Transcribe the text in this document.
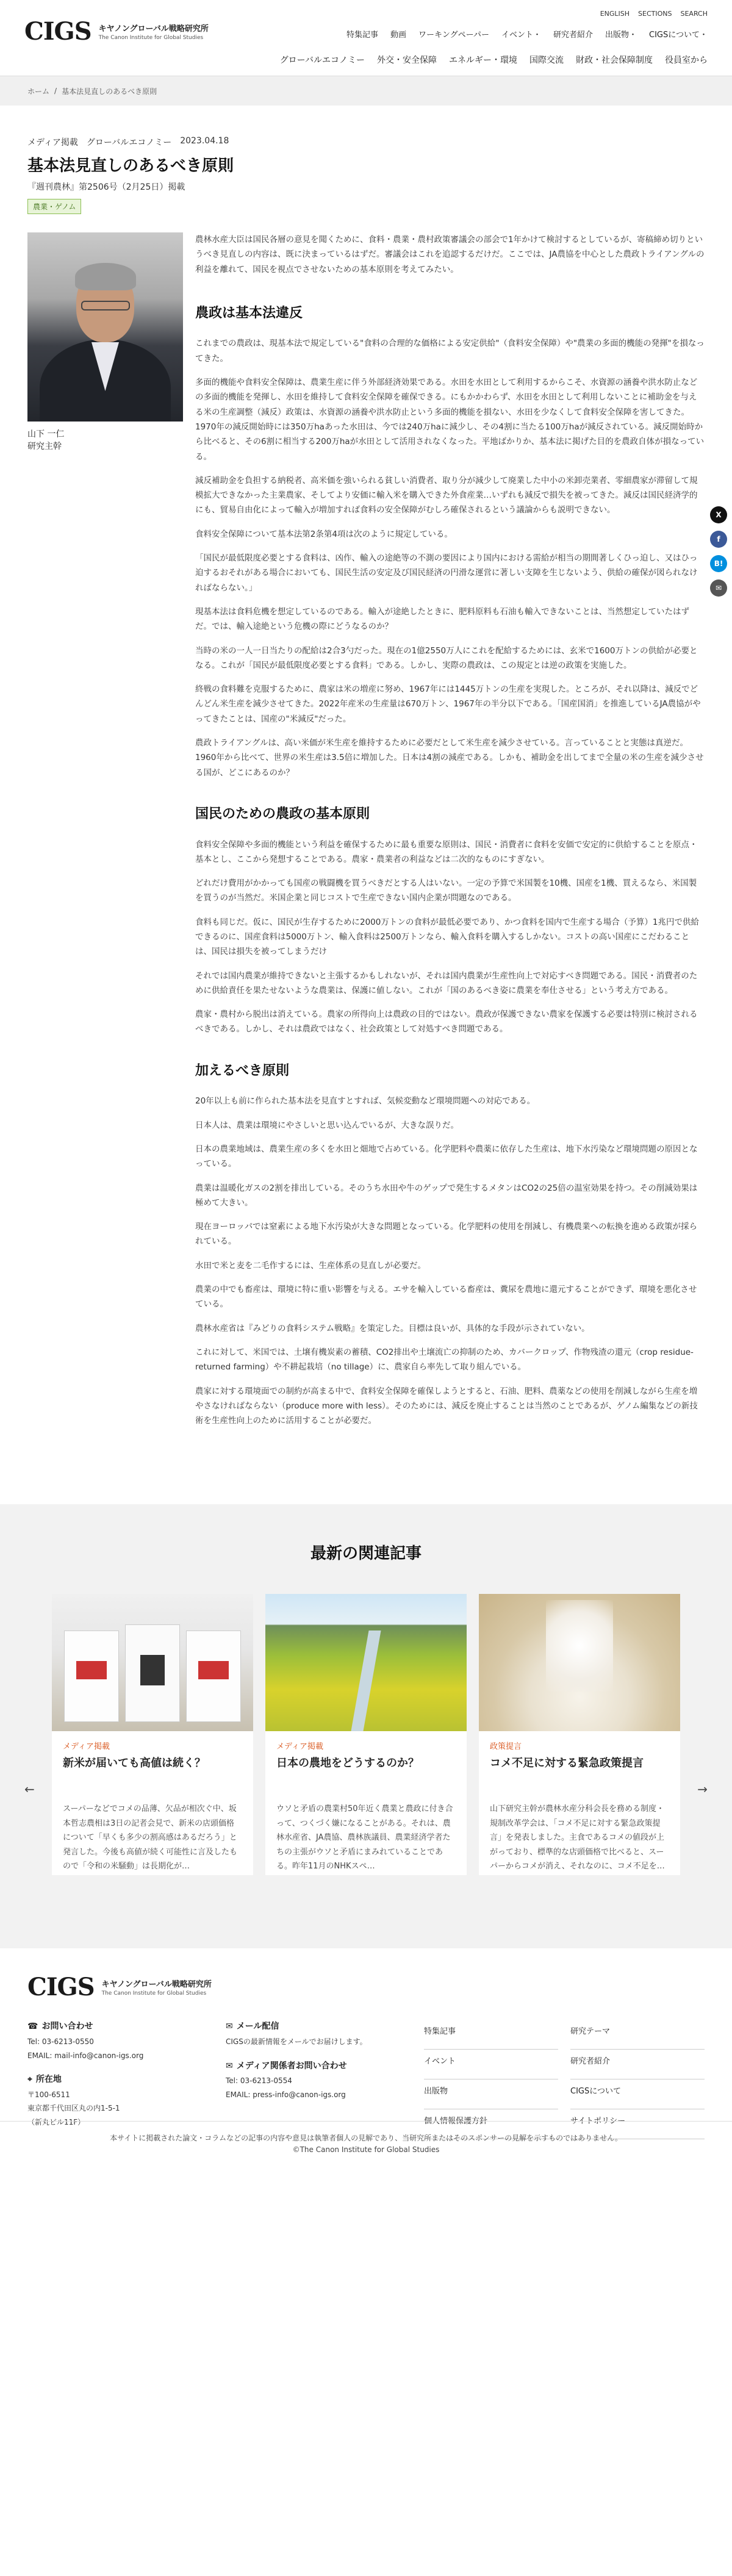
CIGS キヤノングローバル戦略研究所
The Canon Institute for Global Studies
ENGLISH SECTIONS SEARCH
特集記事 動画 ワーキングペーパー イベント・ 研究者紹介 出版物・ CIGSについて・
グローバルエコノミー 外交・安全保障 エネルギー・環境 国際交流 財政・社会保障制度 役員室から
ホーム / 基本法見直しのあるべき原則
メディア掲載 グローバルエコノミー 2023.04.18
基本法見直しのあるべき原則
『週刊農林』第2506号（2月25日）掲載
農業・ゲノム
山下 一仁
研究主幹

農林水産大臣は国民各層の意見を聞くために、食料・農業・農村政策審議会の部会で1年かけて検討するとしているが、寄稿締め切りというべき見直しの内容は、既に決まっているはずだ。審議会はこれを追認するだけだ。ここでは、JA農協を中心とした農政トライアングルの利益を離れて、国民を視点でさせないための基本原則を考えてみたい。

農政は基本法違反

これまでの農政は、現基本法で規定している"食料の合理的な価格による安定供給"（食料安全保障）や"農業の多面的機能の発揮"を損なってきた。

多面的機能や食料安全保障は、農業生産に伴う外部経済効果である。水田を水田として利用するからこそ、水資源の涵養や洪水防止などの多面的機能を発揮し、水田を維持して食料安全保障を確保できる。にもかかわらず、水田を水田として利用しないことに補助金を与える米の生産調整（減反）政策は、水資源の涵養や洪水防止という多面的機能を損ない、水田を少なくして食料安全保障を害してきた。1970年の減反開始時には350万haあった水田は、今では240万haに減少し、その4割に当たる100万haが減反されている。減反開始時から比べると、その6割に相当する200万haが水田として活用されなくなった。平地ばかりか、基本法に掲げた目的を農政自体が損なっている。

減反補助金を負担する納税者、高米価を強いられる貧しい消費者、取り分が減少して廃業した中小の米卸売業者、零細農家が滞留して規模拡大できなかった主業農家、そしてより安価に輸入米を購入できた外食産業…いずれも減反で損失を被ってきた。減反は国民経済学的にも、貿易自由化によって輸入が増加すれば食料の安全保障がむしろ確保されるという議論からも説明できない。

食料安全保障について基本法第2条第4項は次のように規定している。

「国民が最低限度必要とする食料は、凶作、輸入の途絶等の不測の要因により国内における需給が相当の期間著しくひっ迫し、又はひっ迫するおそれがある場合においても、国民生活の安定及び国民経済の円滑な運営に著しい支障を生じないよう、供給の確保が図られなければならない。」

現基本法は食料危機を想定しているのである。輸入が途絶したときに、肥料原料も石油も輸入できないことは、当然想定していたはずだ。では、輸入途絶という危機の際にどうなるのか？

当時の米の一人一日当たりの配給は2合3勺だった。現在の1億2550万人にこれを配給するためには、玄米で1600万トンの供給が必要となる。これが「国民が最低限度必要とする食料」である。しかし、実際の農政は、この規定とは逆の政策を実施した。

終戦の食料難を克服するために、農家は米の増産に努め、1967年には1445万トンの生産を実現した。ところが、それ以降は、減反でどんどん米生産を減少させてきた。2022年産米の生産量は670万トン、1967年の半分以下である。「国産国消」を推進しているJA農協がやってきたことは、国産の"米減反"だった。

農政トライアングルは、高い米価が米生産を維持するために必要だとして米生産を減少させている。言っていることと実態は真逆だ。1960年から比べて、世界の米生産は3.5倍に増加した。日本は4割の減産である。しかも、補助金を出してまで全量の米の生産を減少させる国が、どこにあるのか？

国民のための農政の基本原則

食料安全保障や多面的機能という利益を確保するために最も重要な原則は、国民・消費者に食料を安価で安定的に供給することを原点・基本とし、ここから発想することである。農家・農業者の利益などは二次的なものにすぎない。

どれだけ費用がかかっても国産の戦闘機を買うべきだとする人はいない。一定の予算で米国製を10機、国産を1機、買えるなら、米国製を買うのが当然だ。米国企業と同じコストで生産できない国内企業が問題なのである。

食料も同じだ。仮に、国民が生存するために2000万トンの食料が最低必要であり、かつ食料を国内で生産する場合（予算）1兆円で供給できるのに、国産食料は5000万トン、輸入食料は2500万トンなら、輸入食料を購入するしかない。コストの高い国産にこだわることは、国民は損失を被ってしまうだけ

それでは国内農業が維持できないと主張するかもしれないが、それは国内農業が生産性向上で対応すべき問題である。国民・消費者のために供給責任を果たせないような農業は、保護に値しない。これが「国のあるべき姿に農業を奉仕させる」という考え方である。

農家・農村から脱出は消えている。農家の所得向上は農政の目的ではない。農政が保護できない農家を保護する必要は特別に検討されるべきである。しかし、それは農政ではなく、社会政策として対処すべき問題である。

加えるべき原則

20年以上も前に作られた基本法を見直すとすれば、気候変動など環境問題への対応である。

日本人は、農業は環境にやさしいと思い込んでいるが、大きな誤りだ。

日本の農業地域は、農業生産の多くを水田と畑地で占めている。化学肥料や農薬に依存した生産は、地下水汚染など環境問題の原因となっている。

農業は温暖化ガスの2割を排出している。そのうち水田や牛のゲップで発生するメタンはCO2の25倍の温室効果を持つ。その削減効果は極めて大きい。

現在ヨーロッパでは窒素による地下水汚染が大きな問題となっている。化学肥料の使用を削減し、有機農業への転換を進める政策が採られている。

水田で米と麦を二毛作するには、生産体系の見直しが必要だ。

農業の中でも畜産は、環境に特に重い影響を与える。エサを輸入している畜産は、糞尿を農地に還元することができず、環境を悪化させている。

農林水産省は『みどりの食料システム戦略』を策定した。目標は良いが、具体的な手段が示されていない。

これに対して、米国では、土壌有機炭素の蓄積、CO2排出や土壌流亡の抑制のため、カバークロップ、作物残渣の還元（crop residue-returned farming）や不耕起栽培（no tillage）に、農家自ら率先して取り組んでいる。

農家に対する環境面での制約が高まる中で、食料安全保障を確保しようとすると、石油、肥料、農薬などの使用を削減しながら生産を増やさなければならない（produce more with less）。そのためには、減反を廃止することは当然のことであるが、ゲノム編集などの新技術を生産性向上のために活用することが必要だ。

X
f
B!
✉
最新の関連記事
←	→
メディア掲載
新米が届いても高値は続く？
スーパーなどでコメの品薄、欠品が相次ぐ中、坂本哲志農相は3日の記者会見で、新米の店頭価格について「早くも多少の割高感はあるだろう」と発言した。今後も高値が続く可能性に言及したもので「令和の米騒動」は長期化が…
メディア掲載
日本の農地をどうするのか？
ウソと矛盾の農業村50年近く農業と農政に付き合って、つくづく嫌になることがある。それは、農林水産省、JA農協、農林族議員、農業経済学者たちの主張がウソと矛盾にまみれていることである。昨年11月のNHKスペ…
政策提言
コメ不足に対する緊急政策提言
山下研究主幹が農林水産分科会長を務める制度・規制改革学会は、「コメ不足に対する緊急政策提言」を発表しました。主食であるコメの値段が上がっており、標準的な店頭価格で比べると、スーパーからコメが消え、それなのに、コメ不足を…
CIGS キヤノングローバル戦略研究所
The Canon Institute for Global Studies
☎ お問い合わせ
Tel: 03-6213-0550
EMAIL: mail-info@canon-igs.org
⌖ 所在地
〒100-6511
東京都千代田区丸の内1-5-1
（新丸ビル11F）
✉ メール配信
CIGSの最新情報をメールでお届けします。
✉ メディア関係者お問い合わせ
Tel: 03-6213-0554
EMAIL: press-info@canon-igs.org
特集記事	研究テーマ
イベント	研究者紹介
出版物	CIGSについて
個人情報保護方針	サイトポリシー
本サイトに掲載された論文・コラムなどの記事の内容や意見は執筆者個人の見解であり、当研究所またはそのスポンサーの見解を示すものではありません。
©The Canon Institute for Global Studies
